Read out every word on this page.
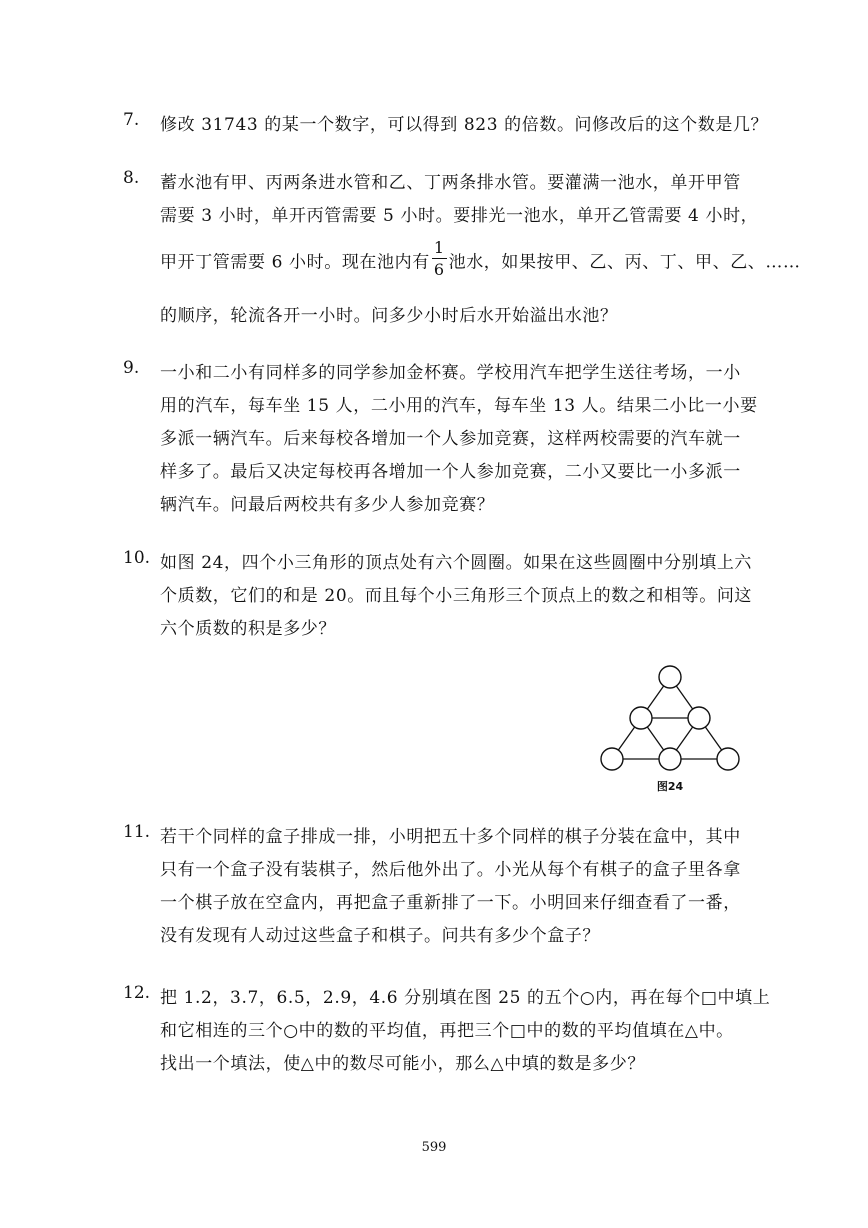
7. 修改 31743 的某一个数字，可以得到 823 的倍数。问修改后的这个数是几？
8. 蓄水池有甲、丙两条进水管和乙、丁两条排水管。要灌满一池水，单开甲管
需要 3 小时，单开丙管需要 5 小时。要排光一池水，单开乙管需要 4 小时，
甲开丁管需要 6 小时。现在池内有 $\frac{1}{6}$ 池水，如果按甲、乙、丙、丁、甲、乙、……
的顺序，轮流各开一小时。问多少小时后水开始溢出水池？
9. 一小和二小有同样多的同学参加金杯赛。学校用汽车把学生送往考场，一小
用的汽车，每车坐 15 人，二小用的汽车，每车坐 13 人。结果二小比一小要
多派一辆汽车。后来每校各增加一个人参加竞赛，这样两校需要的汽车就一
样多了。最后又决定每校再各增加一个人参加竞赛，二小又要比一小多派一
辆汽车。问最后两校共有多少人参加竞赛？
10. 如图 24，四个小三角形的顶点处有六个圆圈。如果在这些圆圈中分别填上六
个质数，它们的和是 20。而且每个小三角形三个顶点上的数之和相等。问这
六个质数的积是多少？
图24
11. 若干个同样的盒子排成一排，小明把五十多个同样的棋子分装在盒中，其中
只有一个盒子没有装棋子，然后他外出了。小光从每个有棋子的盒子里各拿
一个棋子放在空盒内，再把盒子重新排了一下。小明回来仔细查看了一番，
没有发现有人动过这些盒子和棋子。问共有多少个盒子？
12. 把 1.2，3.7，6.5，2.9，4.6 分别填在图 25 的五个○内，再在每个□中填上
和它相连的三个○中的数的平均值，再把三个□中的数的平均值填在△中。
找出一个填法，使△中的数尽可能小，那么△中填的数是多少？
599
